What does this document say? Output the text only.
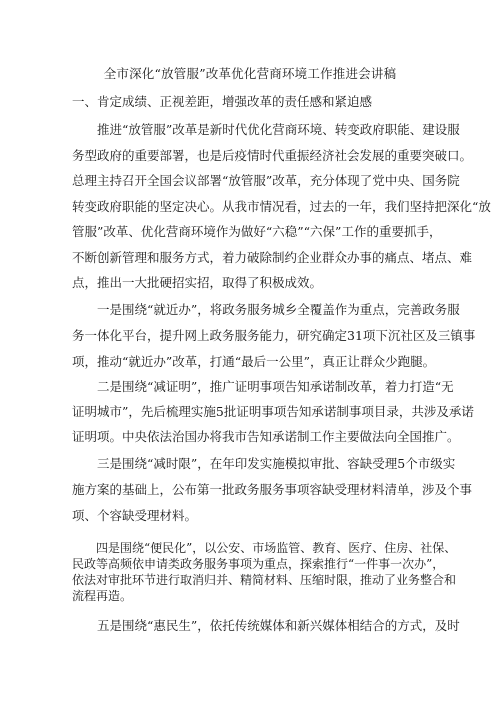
全市深化“放管服”改革优化营商环境工作推进会讲稿
一、肯定成绩、正视差距，增强改革的责任感和紧迫感
　　推进“放管服”改革是新时代优化营商环境、转变政府职能、建设服
务型政府的重要部署，也是后疫情时代重振经济社会发展的重要突破口。
总理主持召开全国会议部署“放管服”改革，充分体现了党中央、国务院
转变政府职能的坚定决心。从我市情况看，过去的一年，我们坚持把深化“放
管服”改革、优化营商环境作为做好“六稳”“六保”工作的重要抓手，
不断创新管理和服务方式，着力破除制约企业群众办事的痛点、堵点、难
点，推出一大批硬招实招，取得了积极成效。
　　一是围绕“就近办”，将政务服务城乡全覆盖作为重点，完善政务服
务一体化平台，提升网上政务服务能力，研究确定31项下沉社区及三镇事
项，推动“就近办”改革，打通“最后一公里”，真正让群众少跑腿。
　　二是围绕“减证明”，推广证明事项告知承诺制改革，着力打造“无
证明城市”，先后梳理实施5批证明事项告知承诺制事项目录，共涉及承诺
证明项。中央依法治国办将我市告知承诺制工作主要做法向全国推广。
　　三是围绕“减时限”，在年印发实施模拟审批、容缺受理5个市级实
施方案的基础上，公布第一批政务服务事项容缺受理材料清单，涉及个事
项、个容缺受理材料。
　　四是围绕“便民化”，以公安、市场监管、教育、医疗、住房、社保、
民政等高频依申请类政务服务事项为重点，探索推行“一件事一次办”，
依法对审批环节进行取消归并、精简材料、压缩时限，推动了业务整合和
流程再造。
　　五是围绕“惠民生”，依托传统媒体和新兴媒体相结合的方式，及时
